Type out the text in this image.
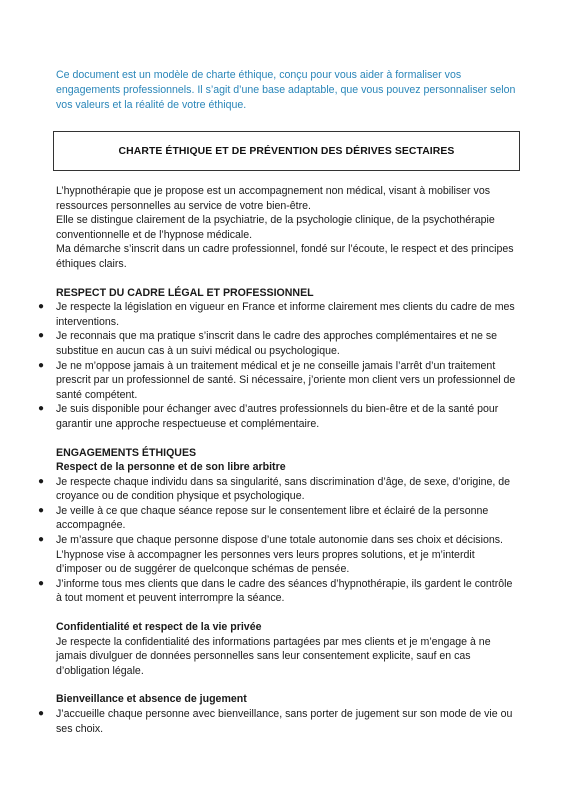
Ce document est un modèle de charte éthique, conçu pour vous aider à formaliser vos engagements professionnels. Il s’agit d’une base adaptable, que vous pouvez personnaliser selon vos valeurs et la réalité de votre éthique.

CHARTE ÉTHIQUE ET DE PRÉVENTION DES DÉRIVES SECTAIRES

L’hypnothérapie que je propose est un accompagnement non médical, visant à mobiliser vos ressources personnelles au service de votre bien-être.

Elle se distingue clairement de la psychiatrie, de la psychologie clinique, de la psychothérapie conventionnelle et de l’hypnose médicale.

Ma démarche s’inscrit dans un cadre professionnel, fondé sur l’écoute, le respect et des principes éthiques clairs.

RESPECT DU CADRE LÉGAL ET PROFESSIONNEL

● Je respecte la législation en vigueur en France et informe clairement mes clients du cadre de mes interventions.
● Je reconnais que ma pratique s’inscrit dans le cadre des approches complémentaires et ne se substitue en aucun cas à un suivi médical ou psychologique.
● Je ne m’oppose jamais à un traitement médical et je ne conseille jamais l’arrêt d’un traitement prescrit par un professionnel de santé. Si nécessaire, j’oriente mon client vers un professionnel de santé compétent.
● Je suis disponible pour échanger avec d’autres professionnels du bien-être et de la santé pour garantir une approche respectueuse et complémentaire.

ENGAGEMENTS ÉTHIQUES

Respect de la personne et de son libre arbitre

● Je respecte chaque individu dans sa singularité, sans discrimination d’âge, de sexe, d’origine, de croyance ou de condition physique et psychologique.
● Je veille à ce que chaque séance repose sur le consentement libre et éclairé de la personne accompagnée.
● Je m’assure que chaque personne dispose d’une totale autonomie dans ses choix et décisions. L’hypnose vise à accompagner les personnes vers leurs propres solutions, et je m’interdit d’imposer ou de suggérer de quelconque schémas de pensée.
● J’informe tous mes clients que dans le cadre des séances d’hypnothérapie, ils gardent le contrôle à tout moment et peuvent interrompre la séance.

Confidentialité et respect de la vie privée

Je respecte la confidentialité des informations partagées par mes clients et je m’engage à ne jamais divulguer de données personnelles sans leur consentement explicite, sauf en cas d’obligation légale.

Bienveillance et absence de jugement

● J’accueille chaque personne avec bienveillance, sans porter de jugement sur son mode de vie ou ses choix.
